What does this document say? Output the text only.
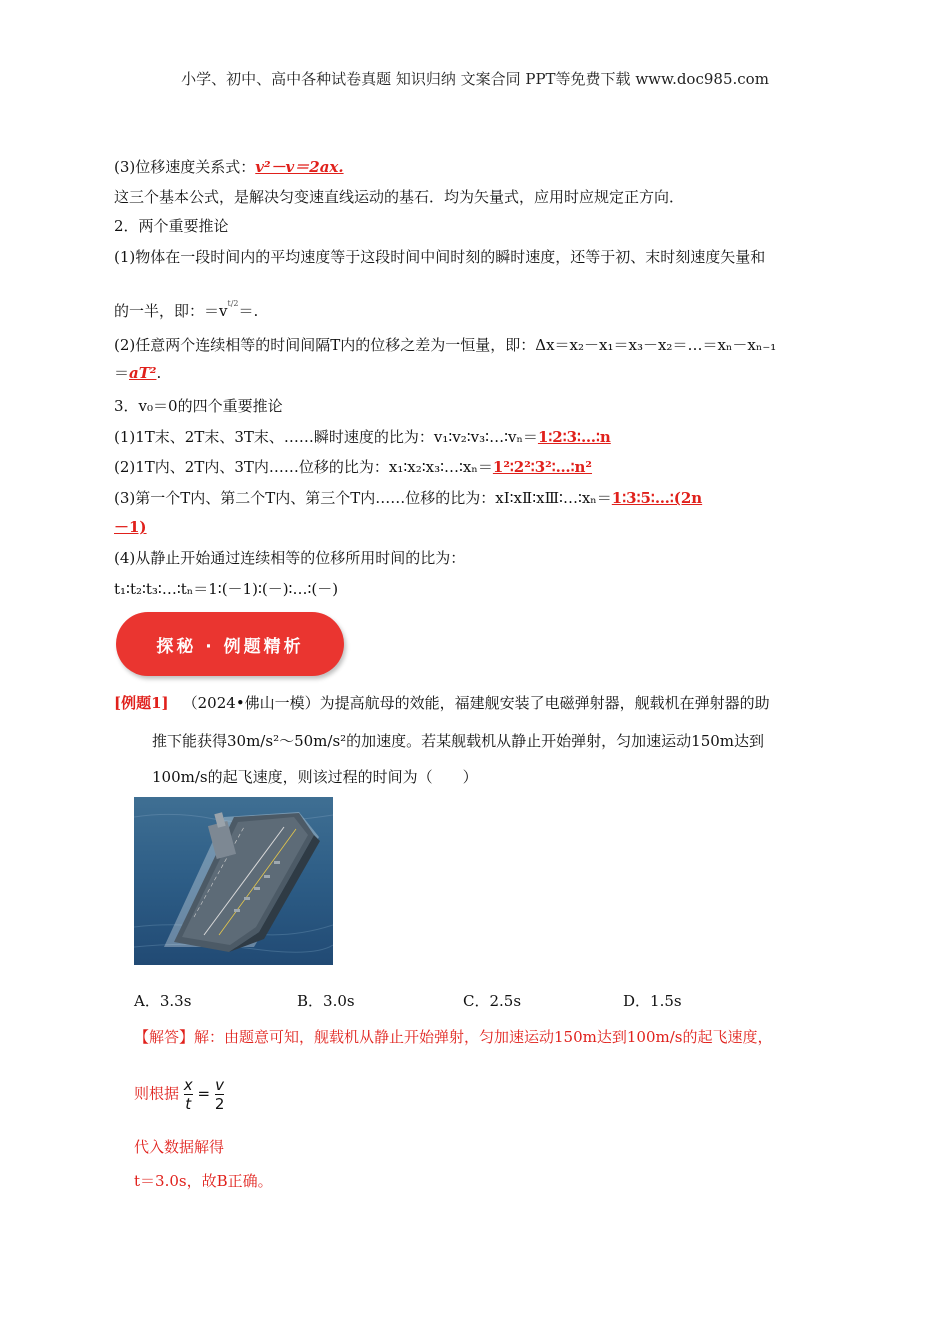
小学、初中、高中各种试卷真题 知识归纳 文案合同 PPT等免费下载 www.doc985.com
(3)位移速度关系式：v²－v＝2ax.
这三个基本公式，是解决匀变速直线运动的基石．均为矢量式，应用时应规定正方向．
2．两个重要推论
(1)物体在一段时间内的平均速度等于这段时间中间时刻的瞬时速度，还等于初、末时刻速度矢量和
的一半，即：$=v^{t/2}=$.
(2)任意两个连续相等的时间间隔T内的位移之差为一恒量，即：Δx＝x₂－x₁＝x₃－x₂＝…＝xₙ－xₙ₋₁
＝aT².
3．v₀＝0的四个重要推论
(1)1T末、2T末、3T末、……瞬时速度的比为：v₁∶v₂∶v₃∶…∶vₙ＝1∶2∶3∶…∶n
(2)1T内、2T内、3T内……位移的比为：x₁∶x₂∶x₃∶…∶xₙ＝1²∶2²∶3²∶…∶n²
(3)第一个T内、第二个T内、第三个T内……位移的比为：xⅠ∶xⅡ∶xⅢ∶…∶xₙ＝1∶3∶5∶…∶(2n
－1)
(4)从静止开始通过连续相等的位移所用时间的比为：
t₁∶t₂∶t₃∶…∶tₙ＝1∶(－1)∶(－)∶…∶(－)
探秘 · 例题精析
[例题1] （2024•佛山一模）为提高航母的效能，福建舰安装了电磁弹射器，舰载机在弹射器的助
推下能获得30m/s²～50m/s²的加速度。若某舰载机从静止开始弹射，匀加速运动150m达到
100m/s的起飞速度，则该过程的时间为（　　）
A．3.3s	B．3.0s	C．2.5s	D．1.5s
【解答】解：由题意可知，舰载机从静止开始弹射，匀加速运动150m达到100m/s的起飞速度，
则根据 $\frac{x}{t} = \frac{v}{2}$
代入数据解得
t＝3.0s，故B正确。
